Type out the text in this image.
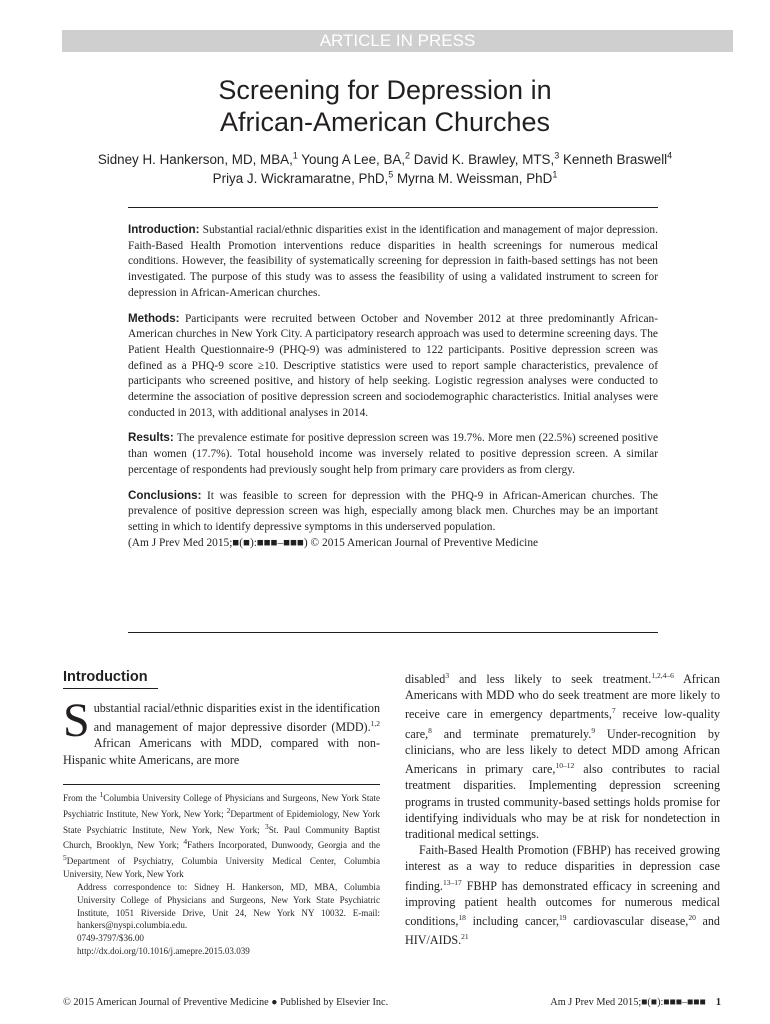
ARTICLE IN PRESS
Screening for Depression in
African-American Churches
Sidney H. Hankerson, MD, MBA,$^1$ Young A Lee, BA,$^2$ David K. Brawley, MTS,$^3$ Kenneth Braswell$^4$
Priya J. Wickramaratne, PhD,$^5$ Myrna M. Weissman, PhD$^1$

Introduction: Substantial racial/ethnic disparities exist in the identification and management of major depression. Faith-Based Health Promotion interventions reduce disparities in health screenings for numerous medical conditions. However, the feasibility of systematically screening for depression in faith-based settings has not been investigated. The purpose of this study was to assess the feasibility of using a validated instrument to screen for depression in African-American churches.

Methods: Participants were recruited between October and November 2012 at three predominantly African-American churches in New York City. A participatory research approach was used to determine screening days. The Patient Health Questionnaire-9 (PHQ-9) was administered to 122 participants. Positive depression screen was defined as a PHQ-9 score ≥10. Descriptive statistics were used to report sample characteristics, prevalence of participants who screened positive, and history of help seeking. Logistic regression analyses were conducted to determine the association of positive depression screen and sociodemographic characteristics. Initial analyses were conducted in 2013, with additional analyses in 2014.

Results: The prevalence estimate for positive depression screen was 19.7%. More men (22.5%) screened positive than women (17.7%). Total household income was inversely related to positive depression screen. A similar percentage of respondents had previously sought help from primary care providers as from clergy.

Conclusions: It was feasible to screen for depression with the PHQ-9 in African-American churches. The prevalence of positive depression screen was high, especially among black men. Churches may be an important setting in which to identify depressive symptoms in this underserved population.

(Am J Prev Med 2015;■(■):■■■–■■■) © 2015 American Journal of Preventive Medicine

Introduction

Substantial racial/ethnic disparities exist in the identification and management of major depressive disorder (MDD).$^{1,2}$ African Americans with MDD, compared with non-Hispanic white Americans, are more

From the $^1$Columbia University College of Physicians and Surgeons, New York State Psychiatric Institute, New York, New York; $^2$Department of Epidemiology, New York State Psychiatric Institute, New York, New York; $^3$St. Paul Community Baptist Church, Brooklyn, New York; $^4$Fathers Incorporated, Dunwoody, Georgia and the $^5$Department of Psychiatry, Columbia University Medical Center, Columbia University, New York, New York

Address correspondence to: Sidney H. Hankerson, MD, MBA, Columbia University College of Physicians and Surgeons, New York State Psychiatric Institute, 1051 Riverside Drive, Unit 24, New York NY 10032. E-mail: hankers@nyspi.columbia.edu.

0749-3797/$36.00

http://dx.doi.org/10.1016/j.amepre.2015.03.039

disabled$^3$ and less likely to seek treatment.$^{1,2,4-6}$ African Americans with MDD who do seek treatment are more likely to receive care in emergency departments,$^7$ receive low-quality care,$^8$ and terminate prematurely.$^9$ Under-recognition by clinicians, who are less likely to detect MDD among African Americans in primary care,$^{10-12}$ also contributes to racial treatment disparities. Implementing depression screening programs in trusted community-based settings holds promise for identifying individuals who may be at risk for nondetection in traditional medical settings.

Faith-Based Health Promotion (FBHP) has received growing interest as a way to reduce disparities in depression case finding.$^{13-17}$ FBHP has demonstrated efficacy in screening and improving patient health outcomes for numerous medical conditions,$^{18}$ including cancer,$^{19}$ cardiovascular disease,$^{20}$ and HIV/AIDS.$^{21}$

© 2015 American Journal of Preventive Medicine ● Published by Elsevier Inc.	Am J Prev Med 2015;■(■):■■■–■■■ 1
